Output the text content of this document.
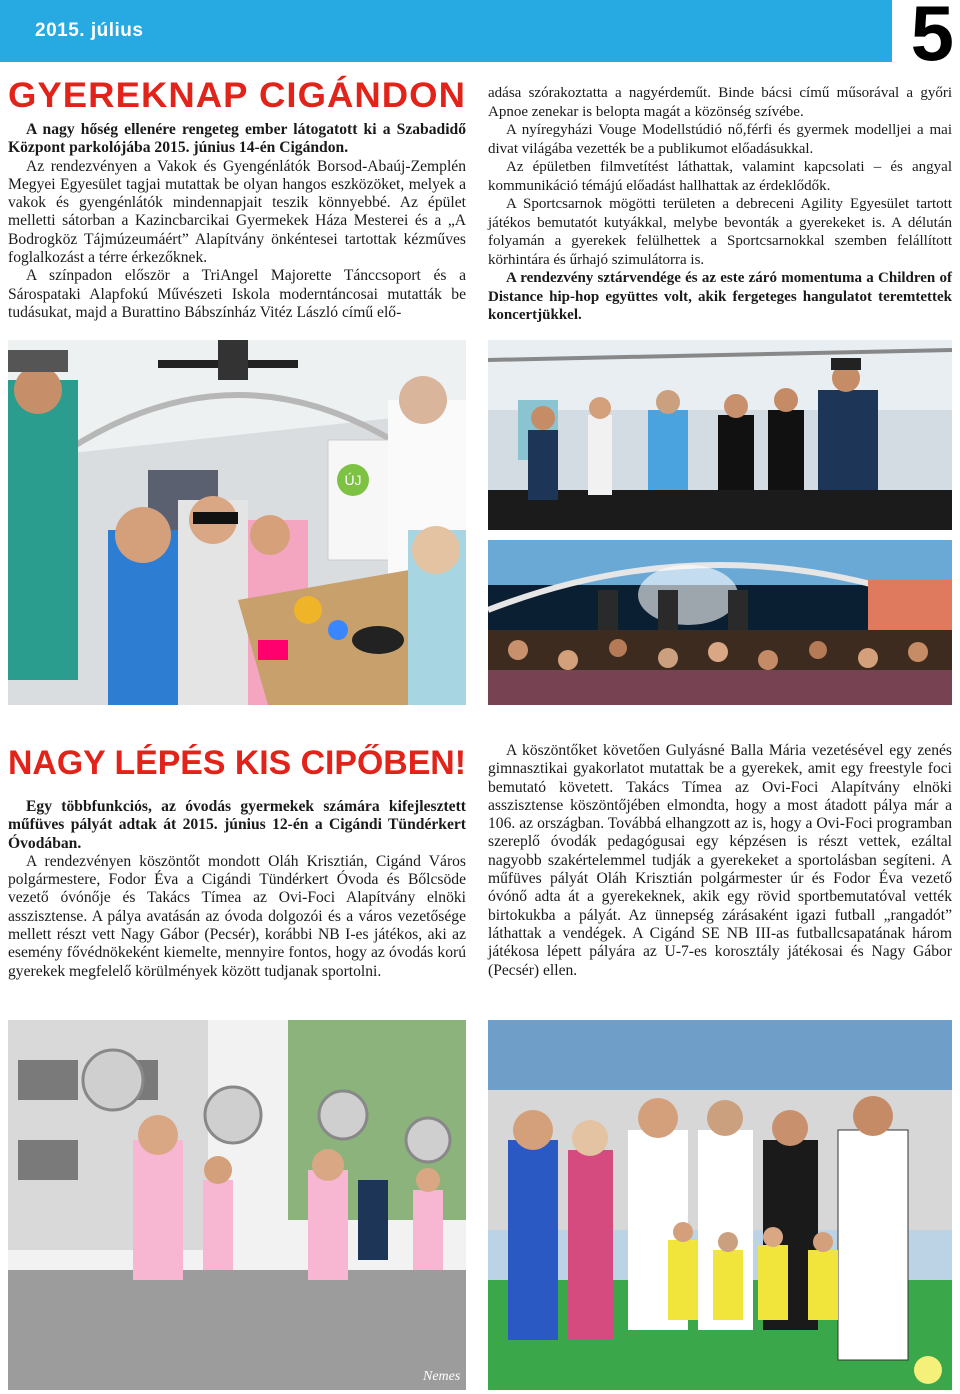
2015. július	5
GYEREKNAP CIGÁNDON

A nagy hőség ellenére rengeteg ember látogatott ki a Szabadidő Központ parkolójába 2015. június 14-én Cigándon.

Az rendezvényen a Vakok és Gyengénlátók Borsod-Abaúj-Zemplén Megyei Egyesület tagjai mutattak be olyan hangos eszközöket, melyek a vakok és gyengénlátók mindennapjait teszik könnyebbé. Az épület melletti sátorban a Kazincbarcikai Gyermekek Háza Mesterei és a „A Bodrogköz Tájmúzeumáért” Alapítvány önkéntesei tartottak kézműves foglalkozást a térre érkezőknek.

A színpadon először a TriAngel Majorette Tánccsoport és a Sárospataki Alapfokú Művészeti Iskola moderntáncosai mutatták be tudásukat, majd a Burattino Bábszínház Vitéz László című elő-

adása szórakoztatta a nagyérdeműt. Binde bácsi című műsorával a győri Apnoe zenekar is belopta magát a közönség szívébe.

A nyíregyházi Vouge Modellstúdió nő,férfi és gyermek modelljei a mai divat világába vezették be a publikumot előadásukkal.

Az épületben filmvetítést láthattak, valamint kapcsolati – és angyal kommunikáció témájú előadást hallhattak az érdeklődők.

A Sportcsarnok mögötti területen a debreceni Agility Egyesület tartott játékos bemutatót kutyákkal, melybe bevonták a gyerekeket is. A délután folyamán a gyerekek felülhettek a Sportcsarnokkal szemben felállított körhintára és űrhajó szimulátorra is.

A rendezvény sztárvendége és az este záró momentuma a Children of Distance hip-hop együttes volt, akik fergeteges hangulatot teremtettek koncertjükkel.

ÚJ
NAGY LÉPÉS KIS CIPŐBEN!

Egy többfunkciós, az óvodás gyermekek számára kifejlesztett műfüves pályát adtak át 2015. június 12-én a Cigándi Tündérkert Óvodában.

A rendezvényen köszöntőt mondott Oláh Krisztián, Cigánd Város polgármestere, Fodor Éva a Cigándi Tündérkert Óvoda és Bőlcsöde vezető óvónője és Takács Tímea az Ovi-Foci Alapítvány elnöki asszisztense. A pálya avatásán az óvoda dolgozói és a város vezetősége mellett részt vett Nagy Gábor (Pecsér), korábbi NB I-es játékos, aki az esemény fővédnökeként kiemelte, mennyire fontos, hogy az óvodás korú gyerekek megfelelő körülmények között tudjanak sportolni.

A köszöntőket követően Gulyásné Balla Mária vezetésével egy zenés gimnasztikai gyakorlatot mutattak be a gyerekek, amit egy freestyle foci bemutató követett. Takács Tímea az Ovi-Foci Alapítvány elnöki asszisztense köszöntőjében elmondta, hogy a most átadott pálya már a 106. az országban. Továbbá elhangzott az is, hogy a Ovi-Foci programban szereplő óvodák pedagógusai egy képzésen is részt vettek, ezáltal nagyobb szakértelemmel tudják a gyerekeket a sportolásban segíteni. A műfüves pályát Oláh Krisztián polgármester úr és Fodor Éva vezető óvónő adta át a gyerekeknek, akik egy rövid sportbemutatóval vették birtokukba a pályát. Az ünnepség zárásaként igazi futball „rangadót” láthattak a vendégek. A Cigánd SE NB III-as futballcsapatának három játékosa lépett pályára az U-7-es korosztály játékosai és Nagy Gábor (Pecsér) ellen.

Nemes
